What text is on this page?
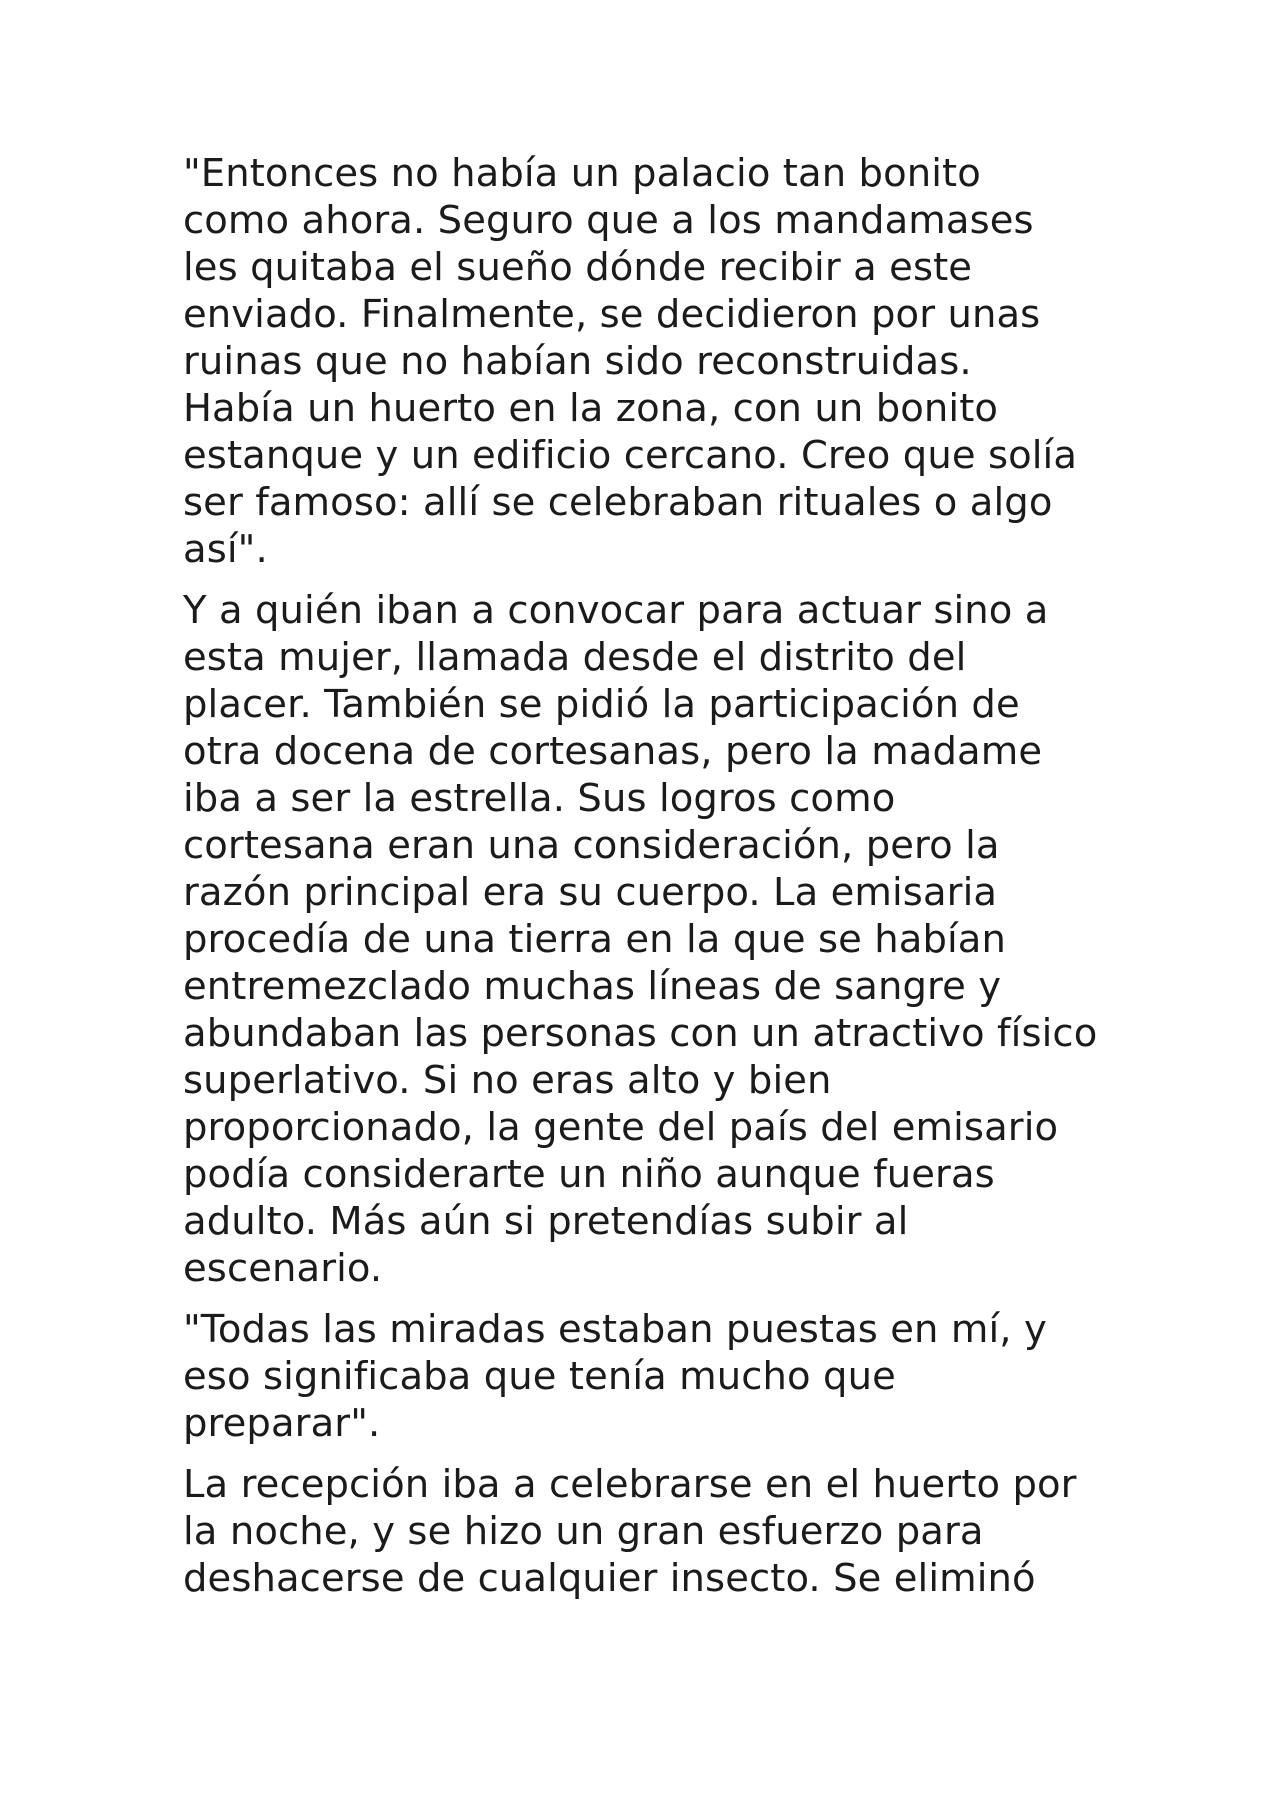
"Entonces no había un palacio tan bonito
como ahora. Seguro que a los mandamases
les quitaba el sueño dónde recibir a este
enviado. Finalmente, se decidieron por unas
ruinas que no habían sido reconstruidas.
Había un huerto en la zona, con un bonito
estanque y un edificio cercano. Creo que solía
ser famoso: allí se celebraban rituales o algo
así".

Y a quién iban a convocar para actuar sino a
esta mujer, llamada desde el distrito del
placer. También se pidió la participación de
otra docena de cortesanas, pero la madame
iba a ser la estrella. Sus logros como
cortesana eran una consideración, pero la
razón principal era su cuerpo. La emisaria
procedía de una tierra en la que se habían
entremezclado muchas líneas de sangre y
abundaban las personas con un atractivo físico
superlativo. Si no eras alto y bien
proporcionado, la gente del país del emisario
podía considerarte un niño aunque fueras
adulto. Más aún si pretendías subir al
escenario.

"Todas las miradas estaban puestas en mí, y
eso significaba que tenía mucho que
preparar".

La recepción iba a celebrarse en el huerto por
la noche, y se hizo un gran esfuerzo para
deshacerse de cualquier insecto. Se eliminó
